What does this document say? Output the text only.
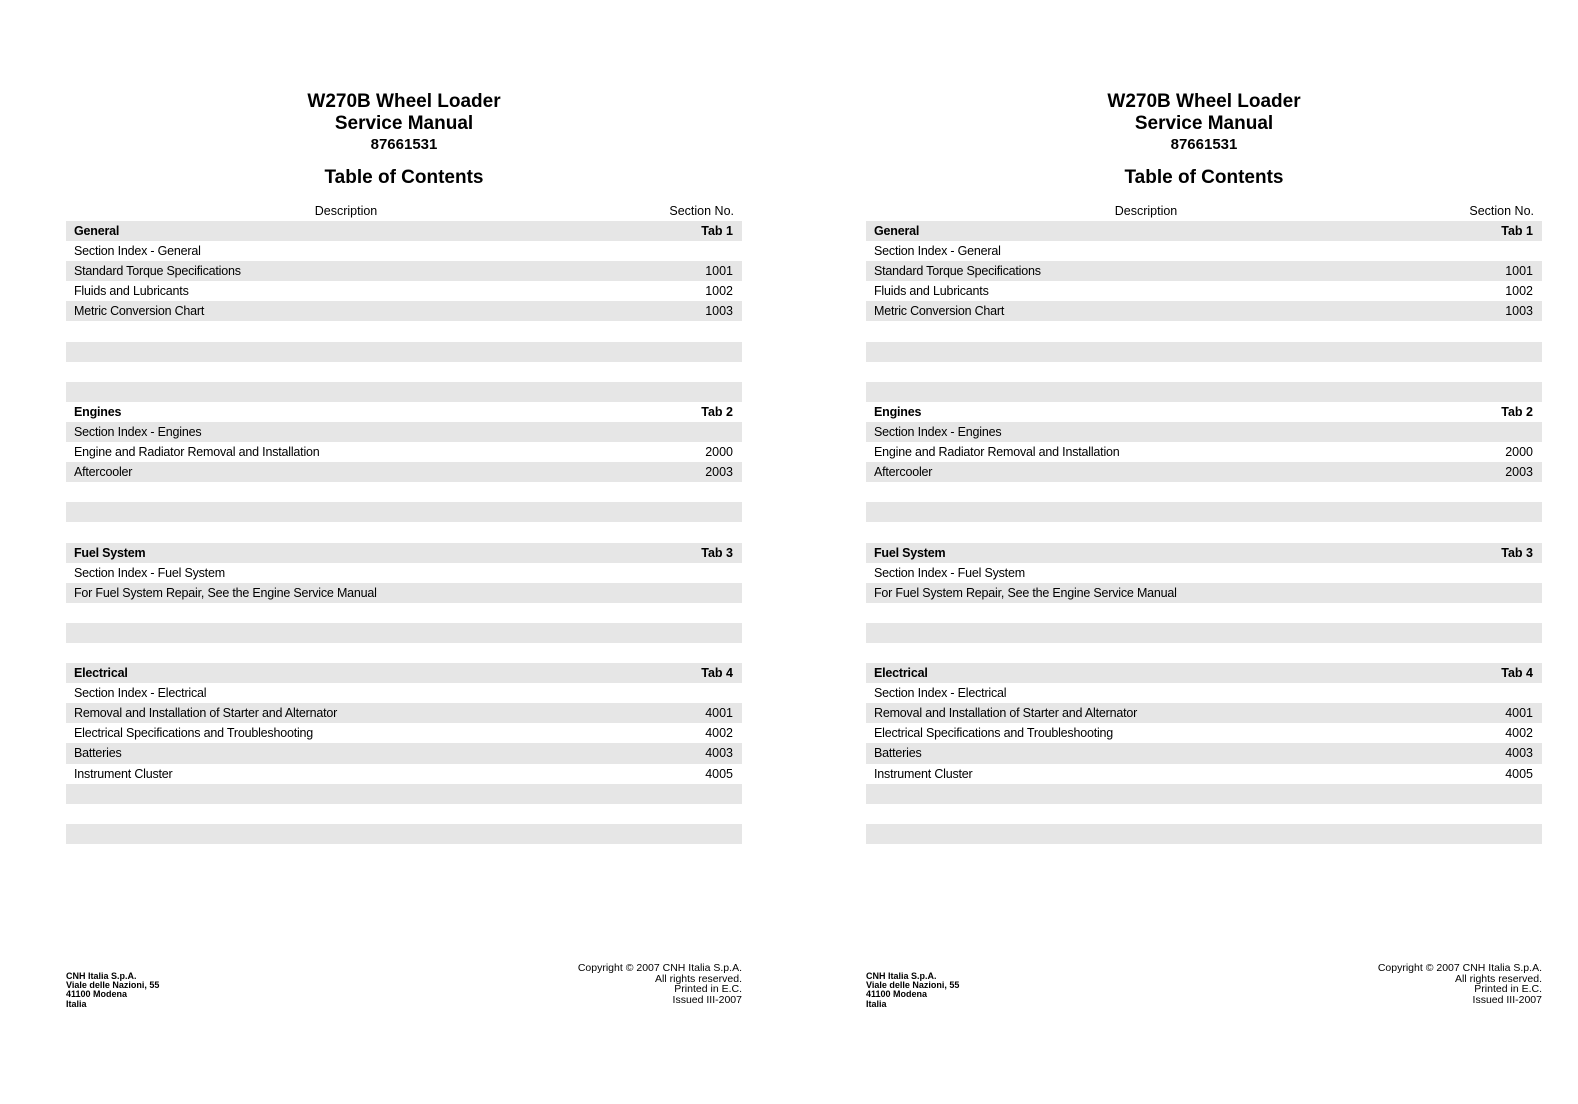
W270B Wheel Loader
Service Manual
87661531
Table of Contents
Description	Section No.
General	Tab 1
Section Index - General
Standard Torque Specifications	1001
Fluids and Lubricants	1002
Metric Conversion Chart	1003
Engines	Tab 2
Section Index - Engines
Engine and Radiator Removal and Installation	2000
Aftercooler	2003
Fuel System	Tab 3
Section Index - Fuel System
For Fuel System Repair, See the Engine Service Manual
Electrical	Tab 4
Section Index - Electrical
Removal and Installation of Starter and Alternator	4001
Electrical Specifications and Troubleshooting	4002
Batteries	4003
Instrument Cluster	4005
CNH Italia S.p.A.
Viale delle Nazioni, 55
41100 Modena
Italia
Copyright © 2007 CNH Italia S.p.A.
All rights reserved.
Printed in E.C.
Issued III-2007
W270B Wheel Loader
Service Manual
87661531
Table of Contents
Description	Section No.
General	Tab 1
Section Index - General
Standard Torque Specifications	1001
Fluids and Lubricants	1002
Metric Conversion Chart	1003
Engines	Tab 2
Section Index - Engines
Engine and Radiator Removal and Installation	2000
Aftercooler	2003
Fuel System	Tab 3
Section Index - Fuel System
For Fuel System Repair, See the Engine Service Manual
Electrical	Tab 4
Section Index - Electrical
Removal and Installation of Starter and Alternator	4001
Electrical Specifications and Troubleshooting	4002
Batteries	4003
Instrument Cluster	4005
CNH Italia S.p.A.
Viale delle Nazioni, 55
41100 Modena
Italia
Copyright © 2007 CNH Italia S.p.A.
All rights reserved.
Printed in E.C.
Issued III-2007
